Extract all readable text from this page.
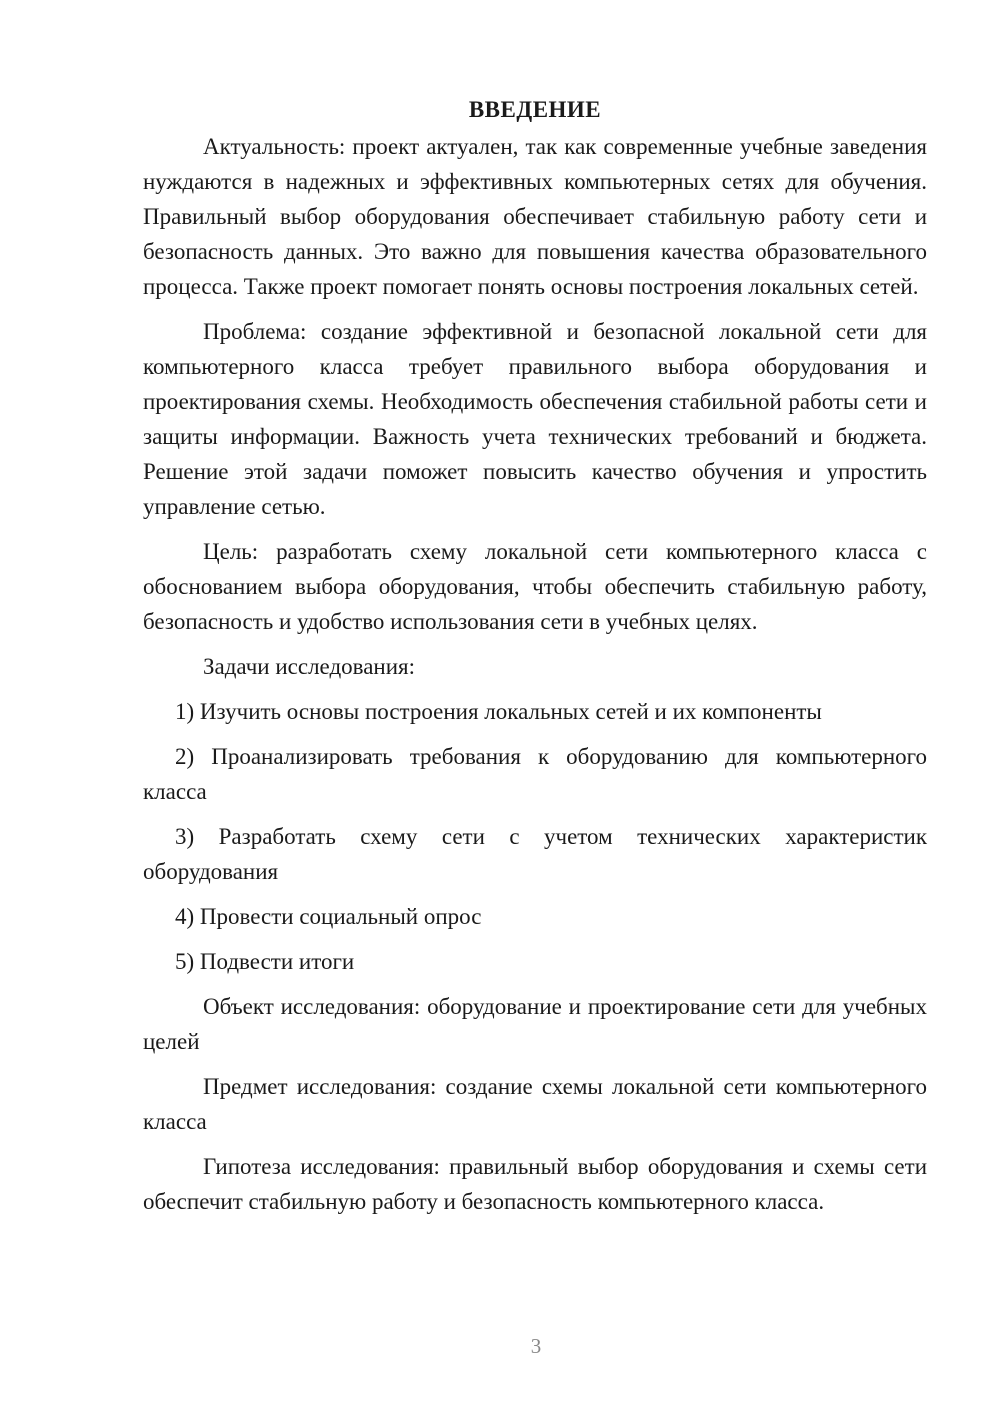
ВВЕДЕНИЕ

Актуальность: проект актуален, так как современные учебные заведения нуждаются в надежных и эффективных компьютерных сетях для обучения. Правильный выбор оборудования обеспечивает стабильную работу сети и безопасность данных. Это важно для повышения качества образовательного процесса. Также проект помогает понять основы построения локальных сетей.

Проблема: создание эффективной и безопасной локальной сети для компьютерного класса требует правильного выбора оборудования и проектирования схемы. Необходимость обеспечения стабильной работы сети и защиты информации. Важность учета технических требований и бюджета. Решение этой задачи поможет повысить качество обучения и упростить управление сетью.

Цель: разработать схему локальной сети компьютерного класса с обоснованием выбора оборудования, чтобы обеспечить стабильную работу, безопасность и удобство использования сети в учебных целях.

Задачи исследования:

1) Изучить основы построения локальных сетей и их компоненты

2) Проанализировать требования к оборудованию для компьютерного класса

3) Разработать схему сети с учетом технических характеристик оборудования

4) Провести социальный опрос

5) Подвести итоги

Объект исследования: оборудование и проектирование сети для учебных целей

Предмет исследования: создание схемы локальной сети компьютерного класса

Гипотеза исследования: правильный выбор оборудования и схемы сети обеспечит стабильную работу и безопасность компьютерного класса.

3
